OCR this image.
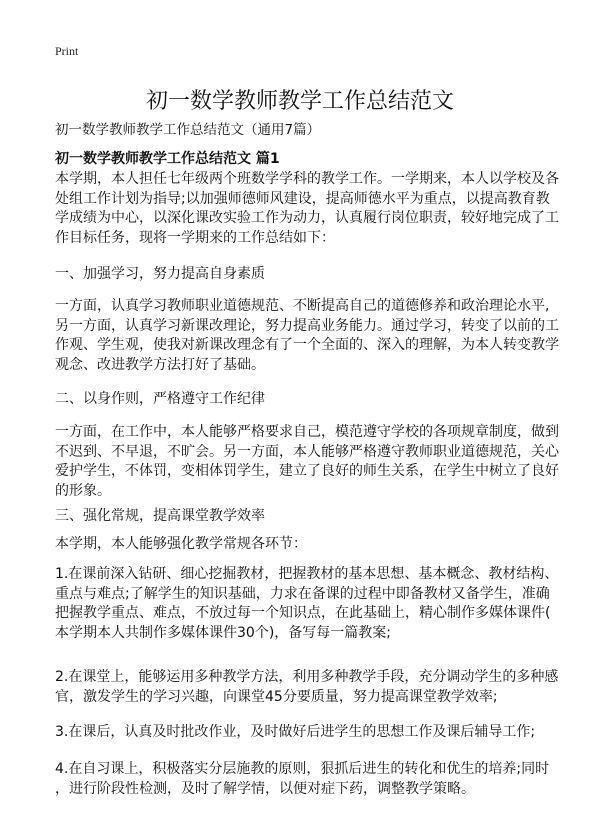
Print
初一数学教师教学工作总结范文
初一数学教师教学工作总结范文（通用7篇）
初一数学教师教学工作总结范文 篇1
本学期，本人担任七年级两个班数学学科的教学工作。一学期来，本人以学校及各
处组工作计划为指导;以加强师德师风建设，提高师德水平为重点，以提高教育教
学成绩为中心，以深化课改实验工作为动力，认真履行岗位职责，较好地完成了工
作目标任务，现将一学期来的工作总结如下：
一、加强学习，努力提高自身素质
一方面，认真学习教师职业道德规范、不断提高自己的道德修养和政治理论水平,
另一方面，认真学习新课改理论，努力提高业务能力。通过学习，转变了以前的工
作观、学生观，使我对新课改理念有了一个全面的、深入的理解，为本人转变教学
观念、改进教学方法打好了基础。
二、以身作则，严格遵守工作纪律
一方面，在工作中，本人能够严格要求自己，模范遵守学校的各项规章制度，做到
不迟到、不早退，不旷会。另一方面，本人能够严格遵守教师职业道德规范，关心
爱护学生，不体罚，变相体罚学生，建立了良好的师生关系，在学生中树立了良好
的形象。
三、强化常规，提高课堂教学效率
本学期，本人能够强化教学常规各环节：
1.在课前深入钻研、细心挖掘教材，把握教材的基本思想、基本概念、教材结构、
重点与难点;了解学生的知识基础，力求在备课的过程中即备教材又备学生，准确
把握教学重点、难点，不放过每一个知识点，在此基础上，精心制作多媒体课件(
本学期本人共制作多媒体课件30个)，备写每一篇教案;
2.在课堂上，能够运用多种教学方法，利用多种教学手段，充分调动学生的多种感
官，激发学生的学习兴趣，向课堂45分要质量，努力提高课堂教学效率;
3.在课后，认真及时批改作业，及时做好后进学生的思想工作及课后辅导工作;
4.在自习课上，积极落实分层施教的原则，狠抓后进生的转化和优生的培养;同时
，进行阶段性检测，及时了解学情，以便对症下药，调整教学策略。
